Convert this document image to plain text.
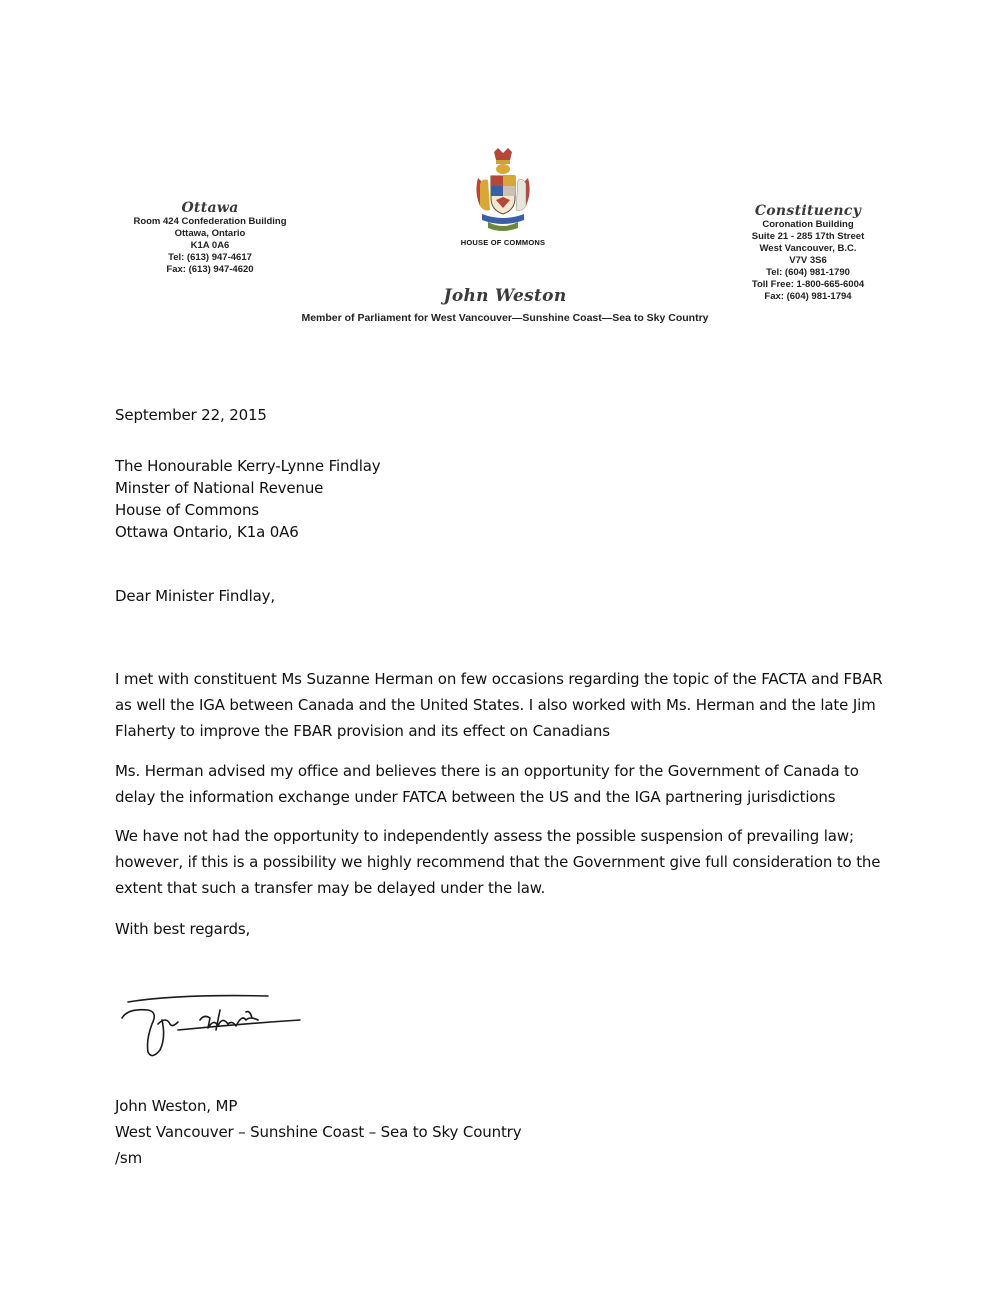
Ottawa
Room 424 Confederation Building
Ottawa, Ontario
K1A 0A6
Tel: (613) 947-4617
Fax: (613) 947-4620
HOUSE OF COMMONS
Constituency
Coronation Building
Suite 21 - 285 17th Street
West Vancouver, B.C.
V7V 3S6
Tel: (604) 981-1790
Toll Free: 1-800-665-6004
Fax: (604) 981-1794
John Weston
Member of Parliament for West Vancouver—Sunshine Coast—Sea to Sky Country
September 22, 2015
The Honourable Kerry-Lynne Findlay
Minster of National Revenue
House of Commons
Ottawa Ontario, K1a 0A6
Dear Minister Findlay,
I met with constituent Ms Suzanne Herman on few occasions regarding the topic of the FACTA and FBAR
as well the IGA between Canada and the United States. I also worked with Ms. Herman and the late Jim
Flaherty to improve the FBAR provision and its effect on Canadians
Ms. Herman advised my office and believes there is an opportunity for the Government of Canada to
delay the information exchange under FATCA between the US and the IGA partnering jurisdictions
We have not had the opportunity to independently assess the possible suspension of prevailing law;
however, if this is a possibility we highly recommend that the Government give full consideration to the
extent that such a transfer may be delayed under the law.
With best regards,
John Weston, MP
West Vancouver – Sunshine Coast – Sea to Sky Country
/sm
